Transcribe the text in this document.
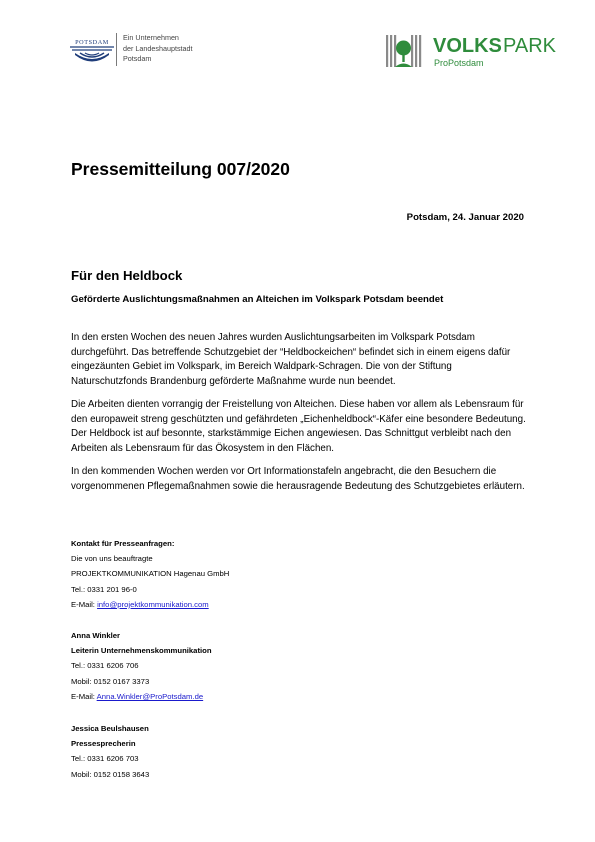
POTSDAM
Ein Unternehmen
der Landeshauptstadt
Potsdam
VOLKS PARK
ProPotsdam
Pressemitteilung 007/2020
Potsdam, 24. Januar 2020
Für den Heldbock
Geförderte Auslichtungsmaßnahmen an Alteichen im Volkspark Potsdam beendet

In den ersten Wochen des neuen Jahres wurden Auslichtungsarbeiten im Volkspark Potsdam durchgeführt. Das betreffende Schutzgebiet der “Heldbockeichen“ befindet sich in einem eigens dafür eingezäunten Gebiet im Volkspark, im Bereich Waldpark-Schragen. Die von der Stiftung Naturschutzfonds Brandenburg geförderte Maßnahme wurde nun beendet.

Die Arbeiten dienten vorrangig der Freistellung von Alteichen. Diese haben vor allem als Lebensraum für den europaweit streng geschützten und gefährdeten „Eichenheldbock“-Käfer eine besondere Bedeutung. Der Heldbock ist auf besonnte, starkstämmige Eichen angewiesen. Das Schnittgut verbleibt nach den Arbeiten als Lebensraum für das Ökosystem in den Flächen.

In den kommenden Wochen werden vor Ort Informationstafeln angebracht, die den Besuchern die vorgenommenen Pflegemaßnahmen sowie die herausragende Bedeutung des Schutzgebietes erläutern.

Kontakt für Presseanfragen:
Die von uns beauftragte
PROJEKTKOMMUNIKATION Hagenau GmbH
Tel.: 0331 201 96-0
E-Mail: info@projektkommunikation.com
Anna Winkler
Leiterin Unternehmenskommunikation
Tel.: 0331 6206 706
Mobil: 0152 0167 3373
E-Mail: Anna.Winkler@ProPotsdam.de
Jessica Beulshausen
Pressesprecherin
Tel.: 0331 6206 703
Mobil: 0152 0158 3643
